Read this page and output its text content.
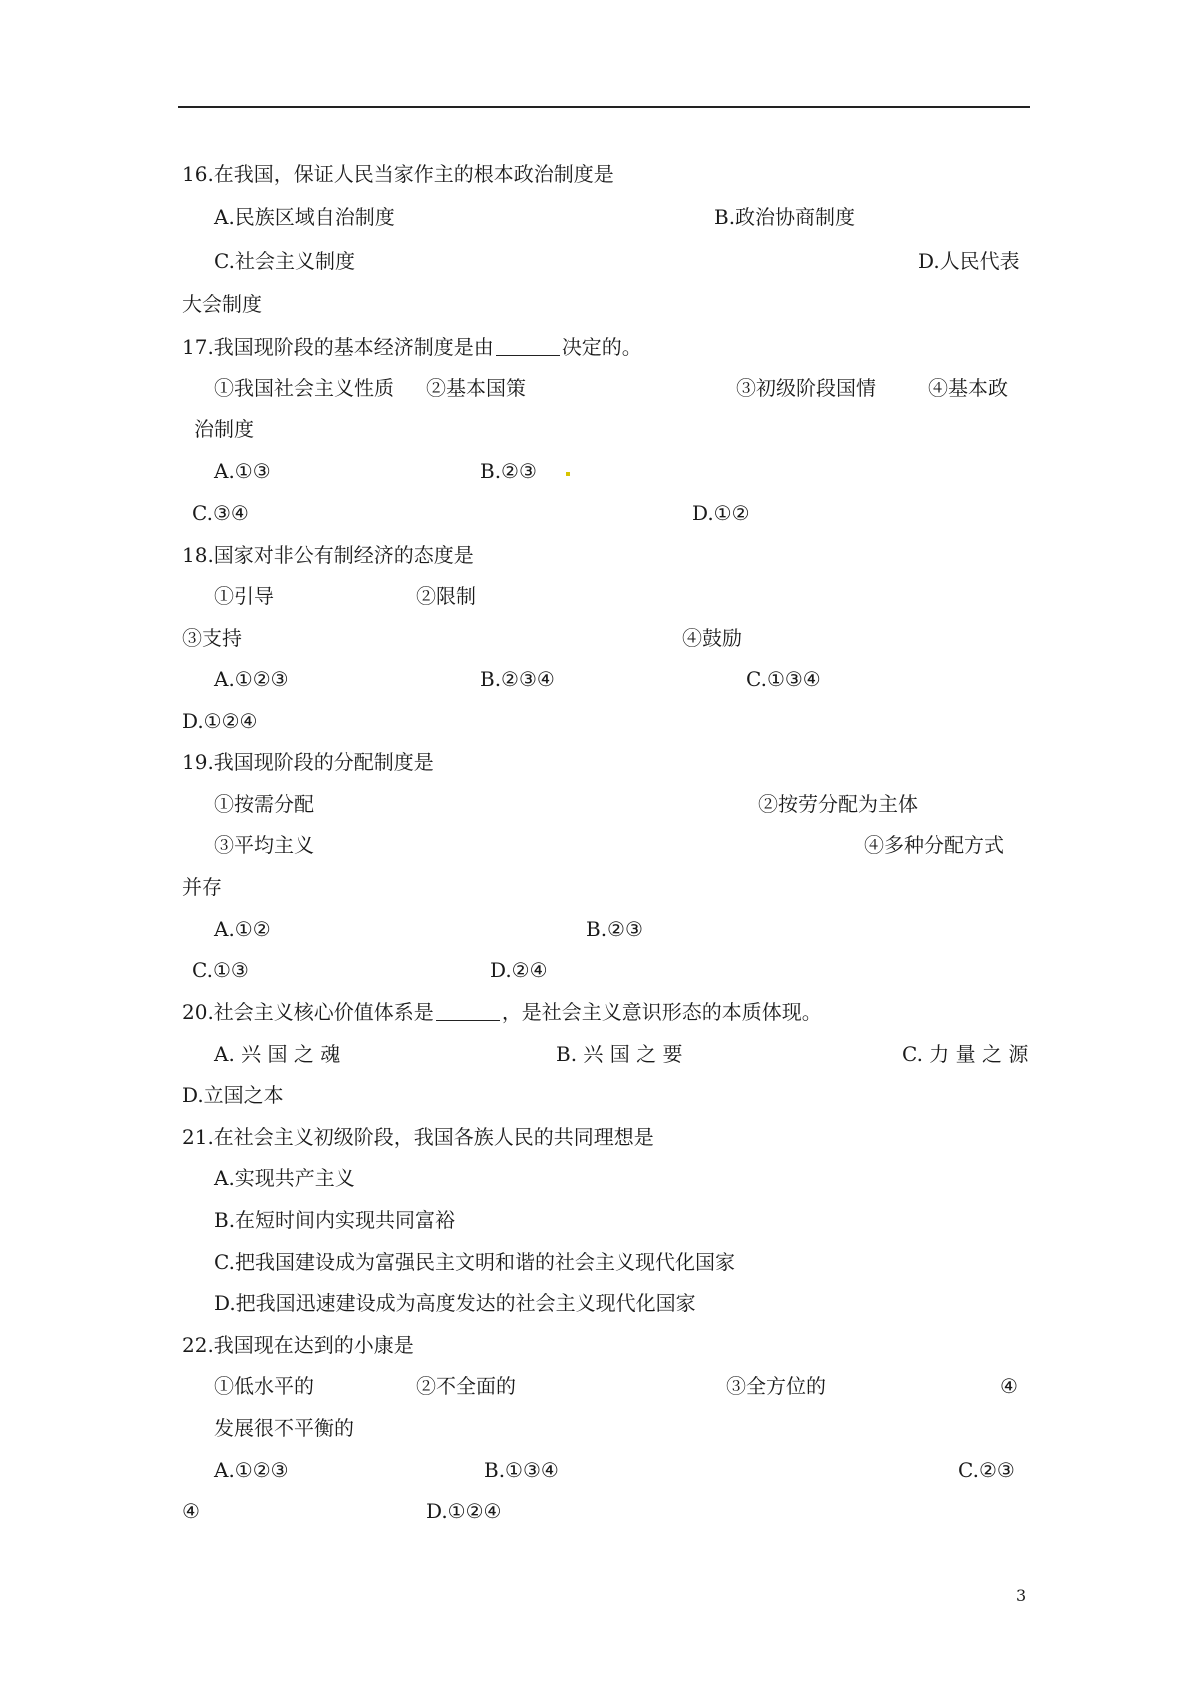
16.在我国，保证人民当家作主的根本政治制度是
A.民族区域自治制度	B.政治协商制度
C.社会主义制度	D.人民代表
大会制度
17.我国现阶段的基本经济制度是由	决定的。
①我国社会主义性质 ②基本国策	③初级阶段国情	④基本政
治制度
A.①③	B.②③
C.③④	D.①②
18.国家对非公有制经济的态度是
①引导	②限制
③支持	④鼓励
A.①②③	B.②③④	C.①③④
D.①②④
19.我国现阶段的分配制度是
①按需分配	②按劳分配为主体
③平均主义	④多种分配方式
并存
A.①②	B.②③
C.①③	D.②④
20.社会主义核心价值体系是	，是社会主义意识形态的本质体现。
A. 兴 国 之 魂	B. 兴 国 之 要	C. 力 量 之 源
D.立国之本
21.在社会主义初级阶段，我国各族人民的共同理想是
A.实现共产主义
B.在短时间内实现共同富裕
C.把我国建设成为富强民主文明和谐的社会主义现代化国家
D.把我国迅速建设成为高度发达的社会主义现代化国家
22.我国现在达到的小康是
①低水平的	②不全面的	③全方位的	④
发展很不平衡的
A.①②③	B.①③④	C.②③
④	D.①②④
3
